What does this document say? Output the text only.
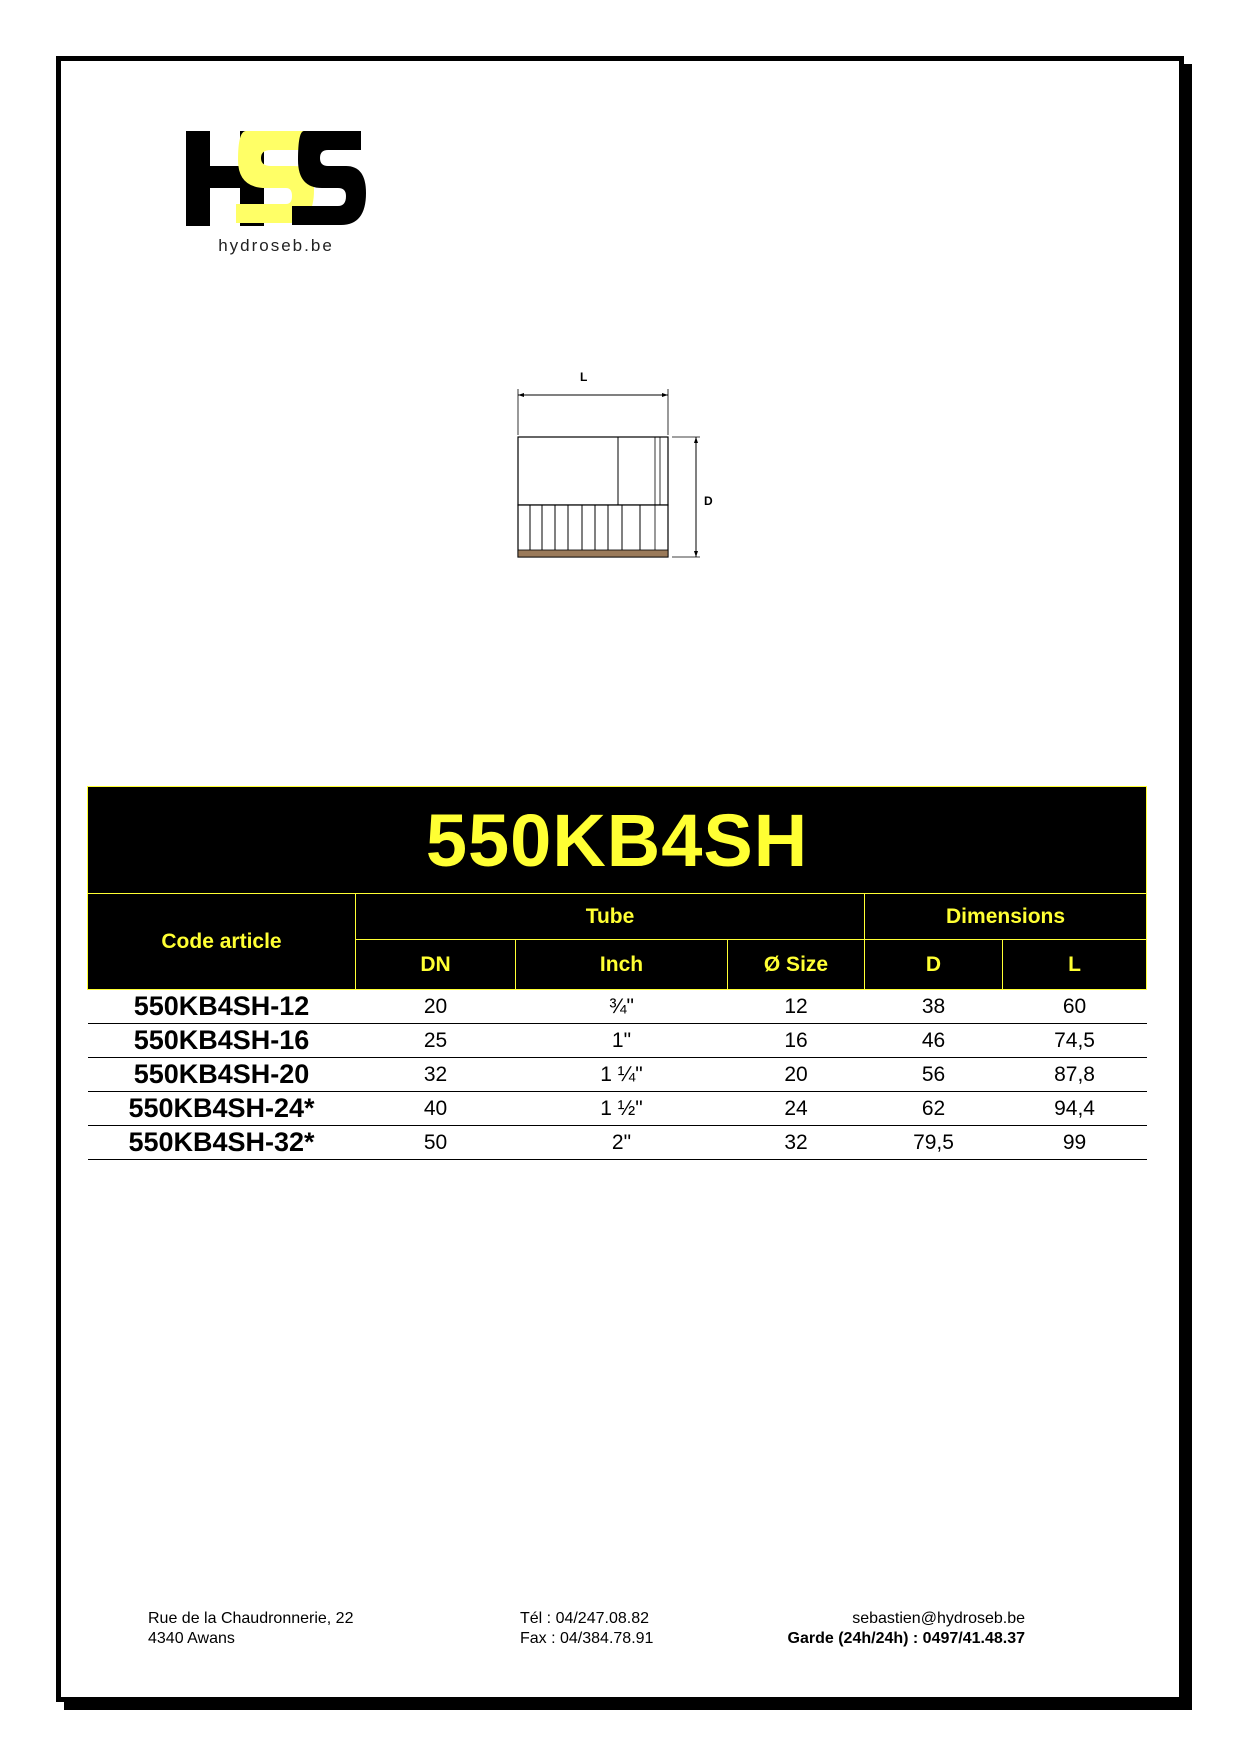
hydroseb.be
L
D
550KB4SH					
Code article	Tube			Dimensions	
	DN	Inch	Ø Size	D	L
550KB4SH-12	20	¾"	12	38	60
550KB4SH-16	25	1"	16	46	74,5
550KB4SH-20	32	1 ¼"	20	56	87,8
550KB4SH-24*	40	1 ½"	24	62	94,4
550KB4SH-32*	50	2"	32	79,5	99
Rue de la Chaudronnerie, 22
4340 Awans
Tél : 04/247.08.82
Fax : 04/384.78.91
sebastien@hydroseb.be
Garde (24h/24h) : 0497/41.48.37
